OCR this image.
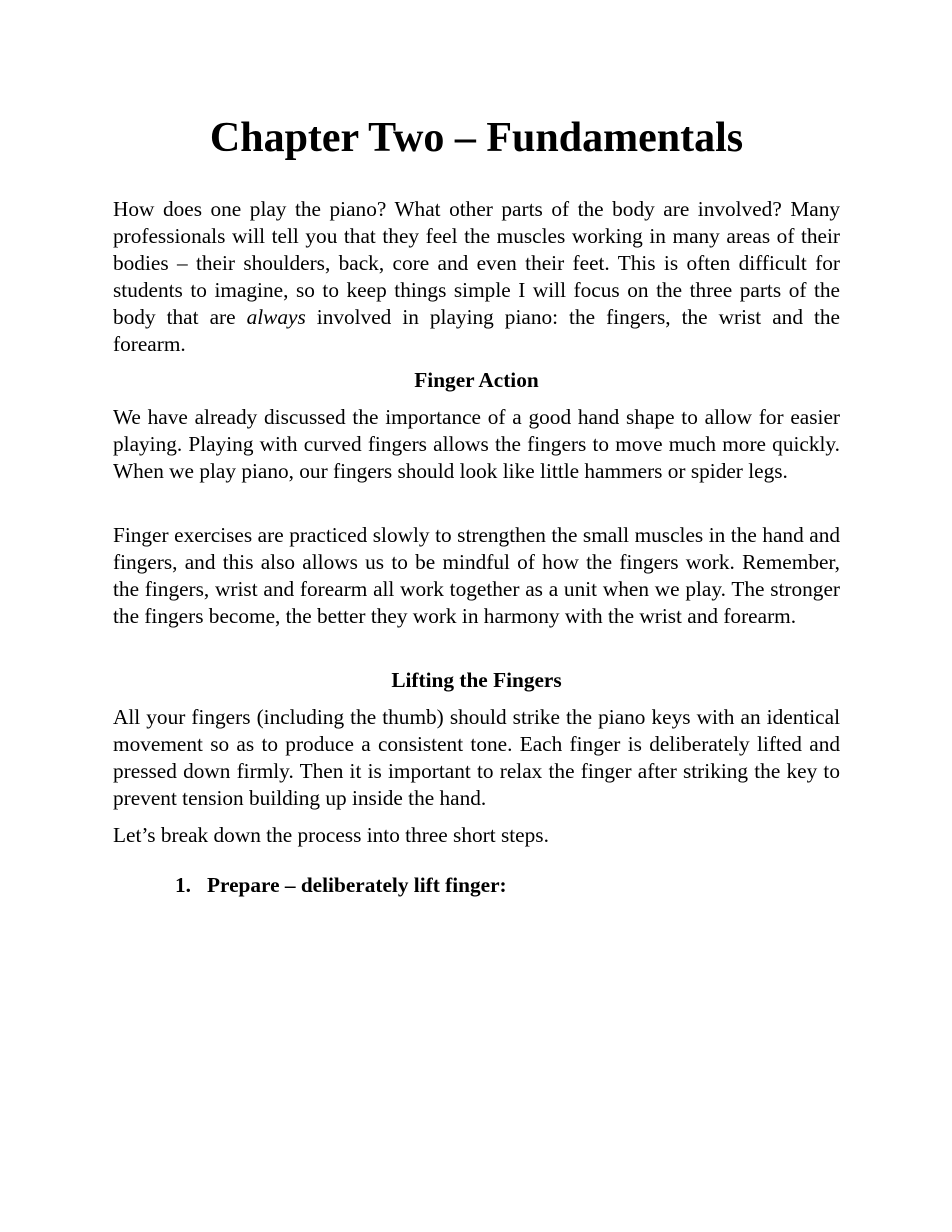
Chapter Two – Fundamentals

How does one play the piano? What other parts of the body are involved? Many professionals will tell you that they feel the muscles working in many areas of their bodies – their shoulders, back, core and even their feet. This is often difficult for students to imagine, so to keep things simple I will focus on the three parts of the body that are always involved in playing piano: the fingers, the wrist and the forearm.

Finger Action

We have already discussed the importance of a good hand shape to allow for easier playing. Playing with curved fingers allows the fingers to move much more quickly. When we play piano, our fingers should look like little hammers or spider legs.

Finger exercises are practiced slowly to strengthen the small muscles in the hand and fingers, and this also allows us to be mindful of how the fingers work. Remember, the fingers, wrist and forearm all work together as a unit when we play. The stronger the fingers become, the better they work in harmony with the wrist and forearm.

Lifting the Fingers

All your fingers (including the thumb) should strike the piano keys with an identical movement so as to produce a consistent tone. Each finger is deliberately lifted and pressed down firmly. Then it is important to relax the finger after striking the key to prevent tension building up inside the hand.

Let’s break down the process into three short steps.

1. Prepare – deliberately lift finger:
